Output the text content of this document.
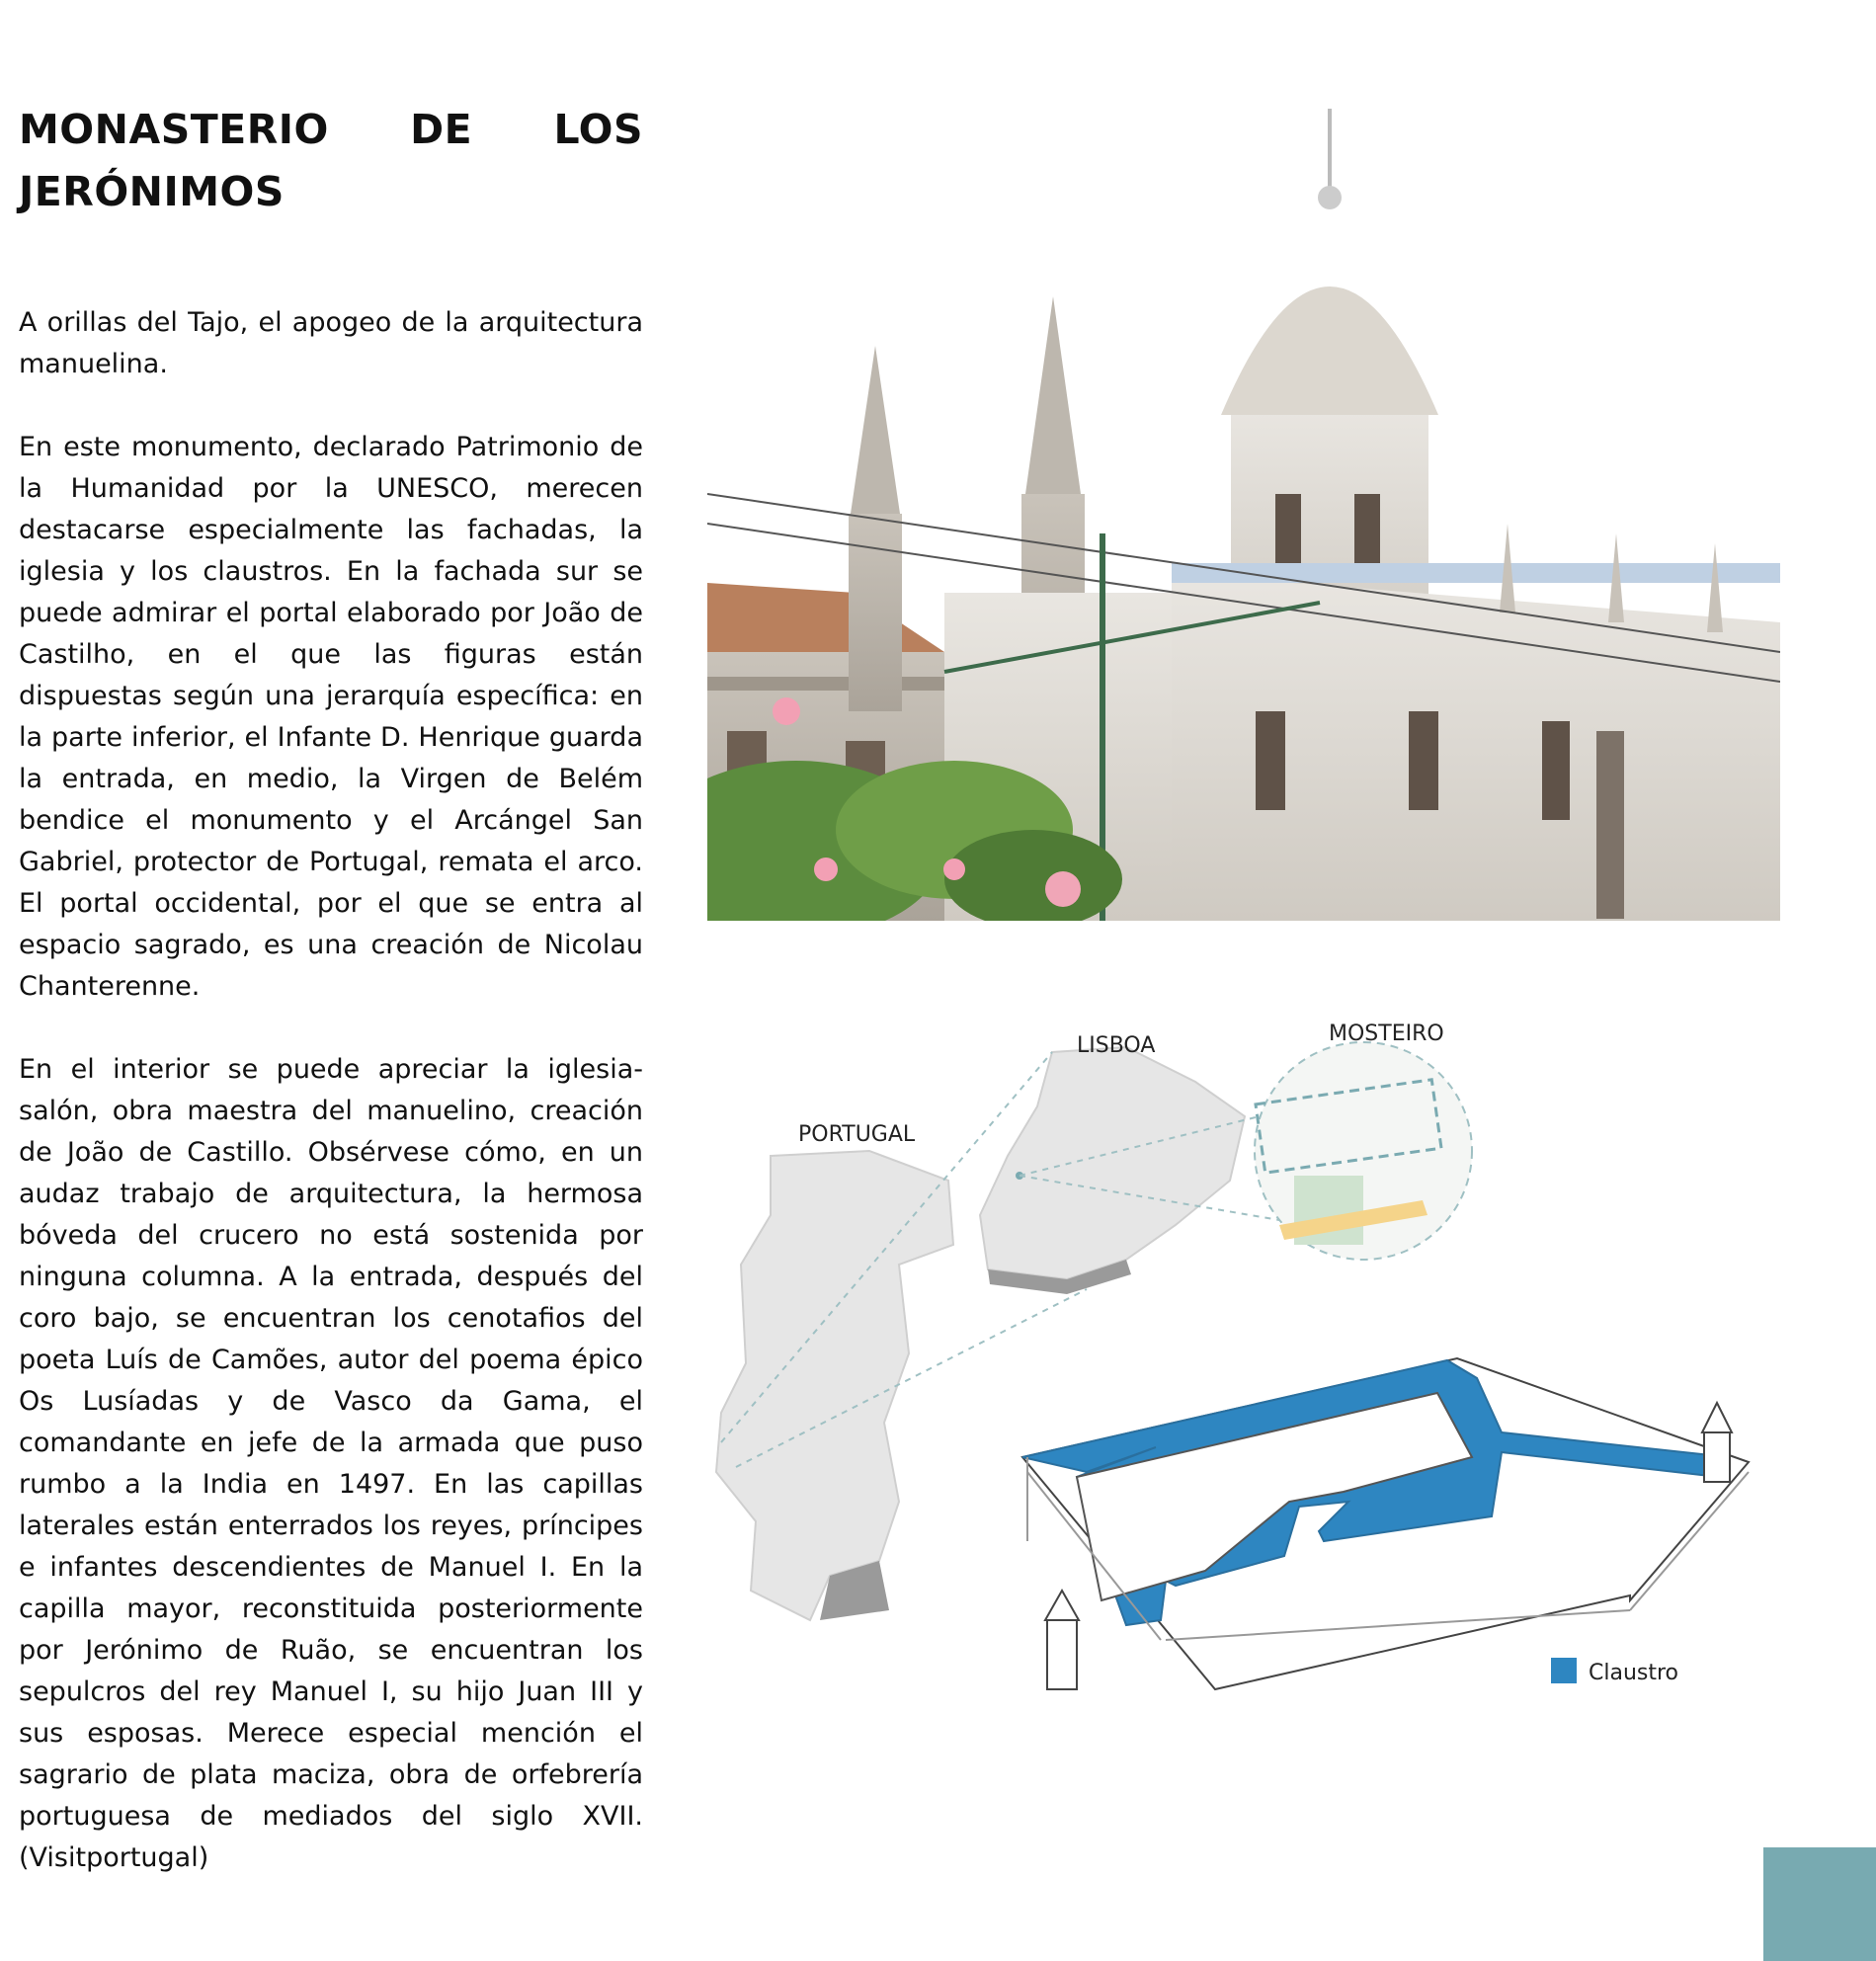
MONASTERIO DE LOS
JERÓNIMOS

A orillas del Tajo, el apogeo de la arquitectura manuelina.

En este monumento, declarado Patrimonio de la Humanidad por la UNESCO, merecen destacarse especialmente las fachadas, la iglesia y los claustros. En la fachada sur se puede admirar el portal elaborado por João de Castilho, en el que las figuras están dispuestas según una jerarquía específica: en la parte inferior, el Infante D. Henrique guarda la entrada, en medio, la Virgen de Belém bendice el monumento y el Arcángel San Gabriel, protector de Portugal, remata el arco. El portal occidental, por el que se entra al espacio sagrado, es una creación de Nicolau Chanterenne.

En el interior se puede apreciar la iglesia-salón, obra maestra del manuelino, creación de João de Castillo. Obsérvese cómo, en un audaz trabajo de arquitectura, la hermosa bóveda del crucero no está sostenida por ninguna columna. A la entrada, después del coro bajo, se encuentran los cenotafios del poeta Luís de Camões, autor del poema épico Os Lusíadas y de Vasco da Gama, el comandante en jefe de la armada que puso rumbo a la India en 1497. En las capillas laterales están enterrados los reyes, príncipes e infantes descendientes de Manuel I. En la capilla mayor, reconstituida posteriormente por Jerónimo de Ruão, se encuentran los sepulcros del rey Manuel I, su hijo Juan III y sus esposas. Merece especial mención el sagrario de plata maciza, obra de orfebrería portuguesa de mediados del siglo XVII. (Visitportugal)

PORTUGAL
LISBOA	MOSTEIRO
Claustro
